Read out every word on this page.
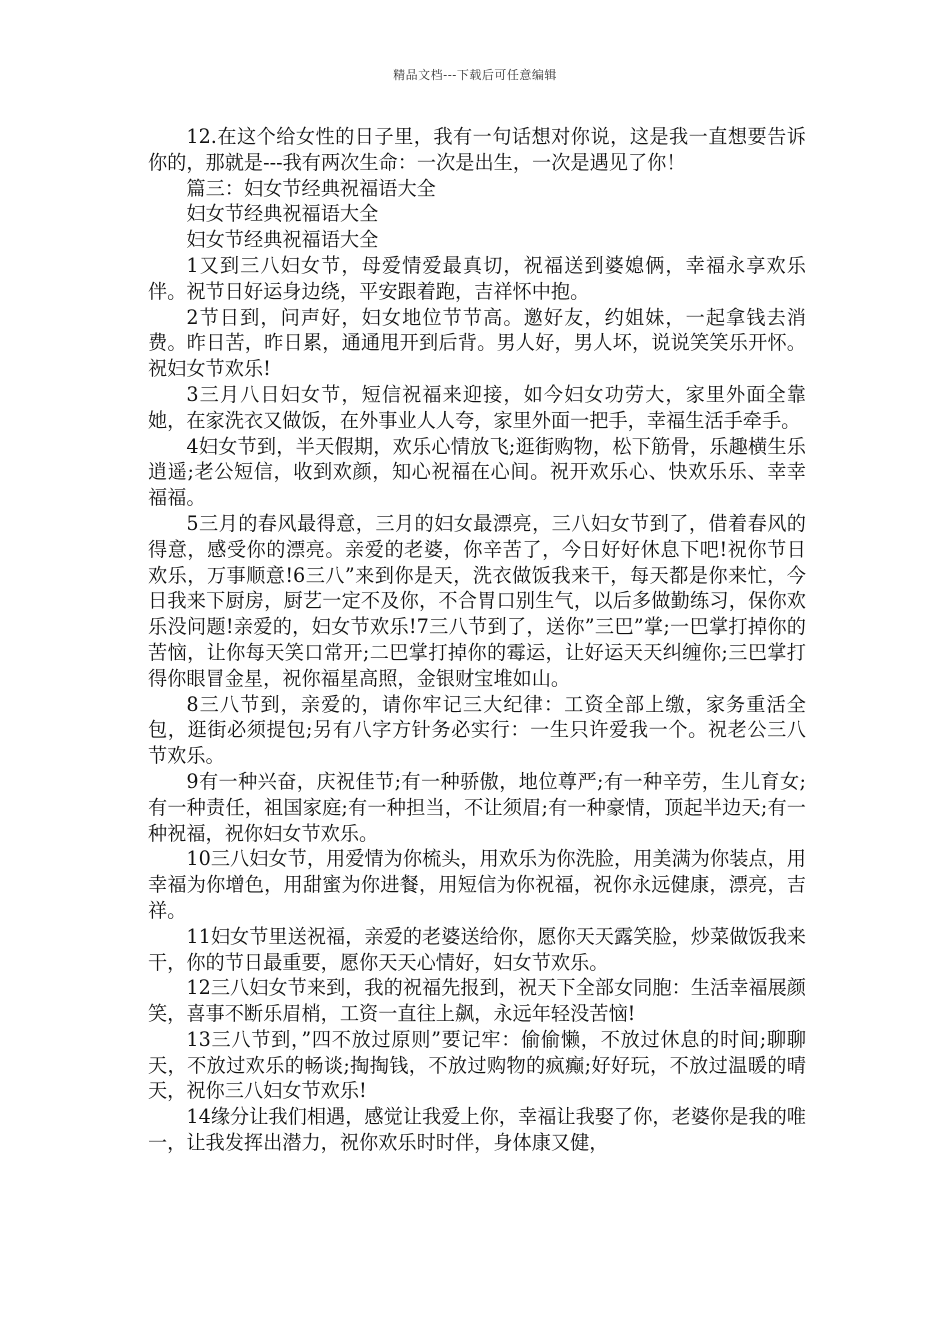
精品文档---下载后可任意编辑

12.在这个给女性的日子里，我有一句话想对你说，这是我一直想要告诉你的，那就是---我有两次生命：一次是出生，一次是遇见了你！

篇三：妇女节经典祝福语大全

妇女节经典祝福语大全

妇女节经典祝福语大全

1又到三八妇女节，母爱情爱最真切，祝福送到婆媳俩，幸福永享欢乐伴。祝节日好运身边绕，平安跟着跑，吉祥怀中抱。

2节日到，问声好，妇女地位节节高。邀好友，约姐妹，一起拿钱去消费。昨日苦，昨日累，通通甩开到后背。男人好，男人坏，说说笑笑乐开怀。祝妇女节欢乐!

3三月八日妇女节，短信祝福来迎接，如今妇女功劳大，家里外面全靠她，在家洗衣又做饭，在外事业人人夸，家里外面一把手，幸福生活手牵手。

4妇女节到，半天假期，欢乐心情放飞;逛街购物，松下筋骨，乐趣横生乐逍遥;老公短信，收到欢颜，知心祝福在心间。祝开欢乐心、快欢乐乐、幸幸福福。

5三月的春风最得意，三月的妇女最漂亮，三八妇女节到了，借着春风的得意，感受你的漂亮。亲爱的老婆，你辛苦了，今日好好休息下吧!祝你节日欢乐，万事顺意!6三八”来到你是天，洗衣做饭我来干，每天都是你来忙，今日我来下厨房，厨艺一定不及你，不合胃口别生气，以后多做勤练习，保你欢乐没问题!亲爱的，妇女节欢乐!7三八节到了，送你”三巴”掌;一巴掌打掉你的苦恼，让你每天笑口常开;二巴掌打掉你的霉运，让好运天天纠缠你;三巴掌打得你眼冒金星，祝你福星高照，金银财宝堆如山。

8三八节到，亲爱的，请你牢记三大纪律：工资全部上缴，家务重活全包，逛街必须提包;另有八字方针务必实行：一生只许爱我一个。祝老公三八节欢乐。

9有一种兴奋，庆祝佳节;有一种骄傲，地位尊严;有一种辛劳，生儿育女;有一种责任，祖国家庭;有一种担当，不让须眉;有一种豪情，顶起半边天;有一种祝福，祝你妇女节欢乐。

10三八妇女节，用爱情为你梳头，用欢乐为你洗脸，用美满为你装点，用幸福为你增色，用甜蜜为你进餐，用短信为你祝福，祝你永远健康，漂亮，吉祥。

11妇女节里送祝福，亲爱的老婆送给你，愿你天天露笑脸，炒菜做饭我来干，你的节日最重要，愿你天天心情好，妇女节欢乐。

12三八妇女节来到，我的祝福先报到，祝天下全部女同胞：生活幸福展颜笑，喜事不断乐眉梢，工资一直往上飙，永远年轻没苦恼!

13三八节到，”四不放过原则”要记牢：偷偷懒，不放过休息的时间;聊聊天，不放过欢乐的畅谈;掏掏钱，不放过购物的疯癫;好好玩，不放过温暖的晴天，祝你三八妇女节欢乐!

14缘分让我们相遇，感觉让我爱上你，幸福让我娶了你，老婆你是我的唯一，让我发挥出潜力，祝你欢乐时时伴，身体康又健，
